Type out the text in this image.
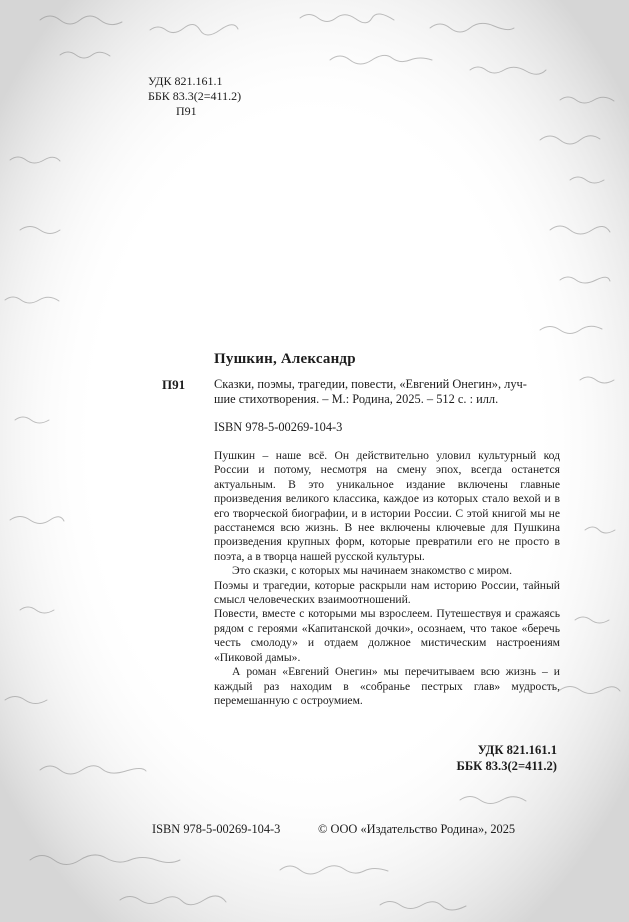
УДК 821.161.1
ББК 83.3(2=411.2)
П91
Пушкин, Александр
П91 Сказки, поэмы, трагедии, повести, «Евгений Онегин», луч-
шие стихотворения. – М.: Родина, 2025. – 512 с. : илл.
ISBN 978-5-00269-104-3

Пушкин – наше всё. Он действительно уловил культурный код России и потому, несмотря на смену эпох, всегда останется актуальным. В это уникальное издание включены главные произведения великого классика, каждое из которых стало вехой и в его творческой биографии, и в истории России. С этой книгой мы не расстанемся всю жизнь. В нее включены ключевые для Пушкина произведения крупных форм, которые превратили его не просто в поэта, а в творца нашей русской культуры.

Это сказки, с которых мы начинаем знакомство с миром.

Поэмы и трагедии, которые раскрыли нам историю России, тайный смысл человеческих взаимоотношений.

Повести, вместе с которыми мы взрослеем. Путешествуя и сражаясь рядом с героями «Капитанской дочки», осознаем, что такое «беречь честь смолоду» и отдаем должное мистическим настроениям «Пиковой дамы».

А роман «Евгений Онегин» мы перечитываем всю жизнь – и каждый раз находим в «собранье пестрых глав» мудрость, перемешанную с остроумием.

УДК 821.161.1
ББК 83.3(2=411.2)
ISBN 978-5-00269-104-3	© ООО «Издательство Родина», 2025
